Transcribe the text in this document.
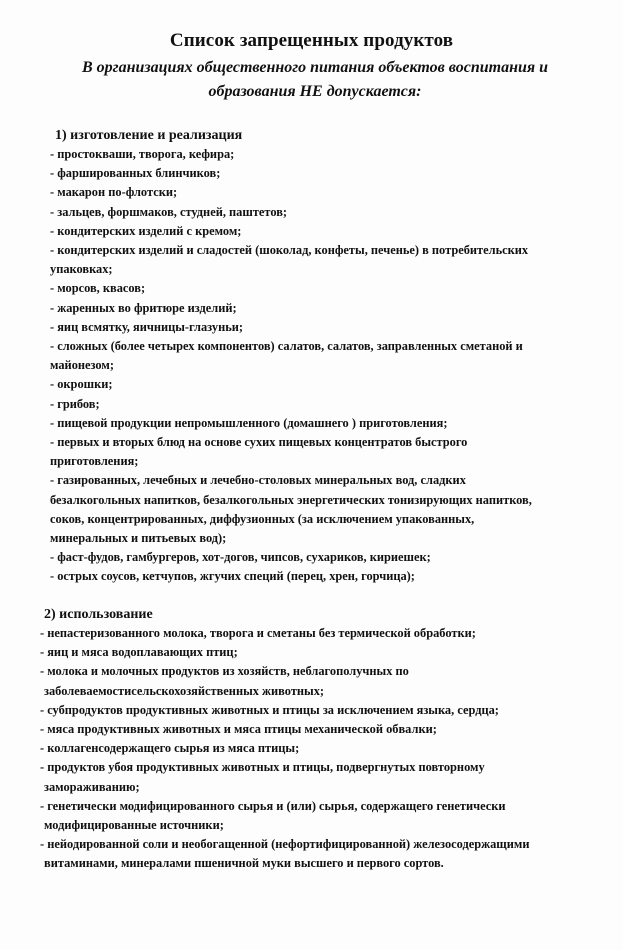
Список запрещенных продуктов
В организациях общественного питания объектов воспитания и
образования НЕ допускается:
1) изготовление и реализация
- простокваши, творога, кефира;
- фаршированных блинчиков;
- макарон по-флотски;
- зальцев, форшмаков, студней, паштетов;
- кондитерских изделий с кремом;
- кондитерских изделий и сладостей (шоколад, конфеты, печенье) в потребительских
упаковках;
- морсов, квасов;
- жаренных во фритюре изделий;
- яиц всмятку, яичницы-глазуньи;
- сложных (более четырех компонентов) салатов, салатов, заправленных сметаной и
майонезом;
- окрошки;
- грибов;
- пищевой продукции непромышленного (домашнего ) приготовления;
- первых и вторых блюд на основе сухих пищевых концентратов быстрого
приготовления;
- газированных, лечебных и лечебно-столовых минеральных вод, сладких
безалкогольных напитков, безалкогольных энергетических тонизирующих напитков,
соков, концентрированных, диффузионных (за исключением упакованных,
минеральных и питьевых вод);
- фаст-фудов, гамбургеров, хот-догов, чипсов, сухариков, кириешек;
- острых соусов, кетчупов, жгучих специй (перец, хрен, горчица);
2) использование
- непастеризованного молока, творога и сметаны без термической обработки;
- яиц и мяса водоплавающих птиц;
- молока и молочных продуктов из хозяйств, неблагополучных по
заболеваемостисельскохозяйственных животных;
- субпродуктов продуктивных животных и птицы за исключением языка, сердца;
- мяса продуктивных животных и мяса птицы механической обвалки;
- коллагенсодержащего сырья из мяса птицы;
- продуктов убоя продуктивных животных и птицы, подвергнутых повторному
замораживанию;
- генетически модифицированного сырья и (или) сырья, содержащего генетически
модифицированные источники;
- нейодированной соли и необогащенной (нефортифицированной) железосодержащими
витаминами, минералами пшеничной муки высшего и первого сортов.
